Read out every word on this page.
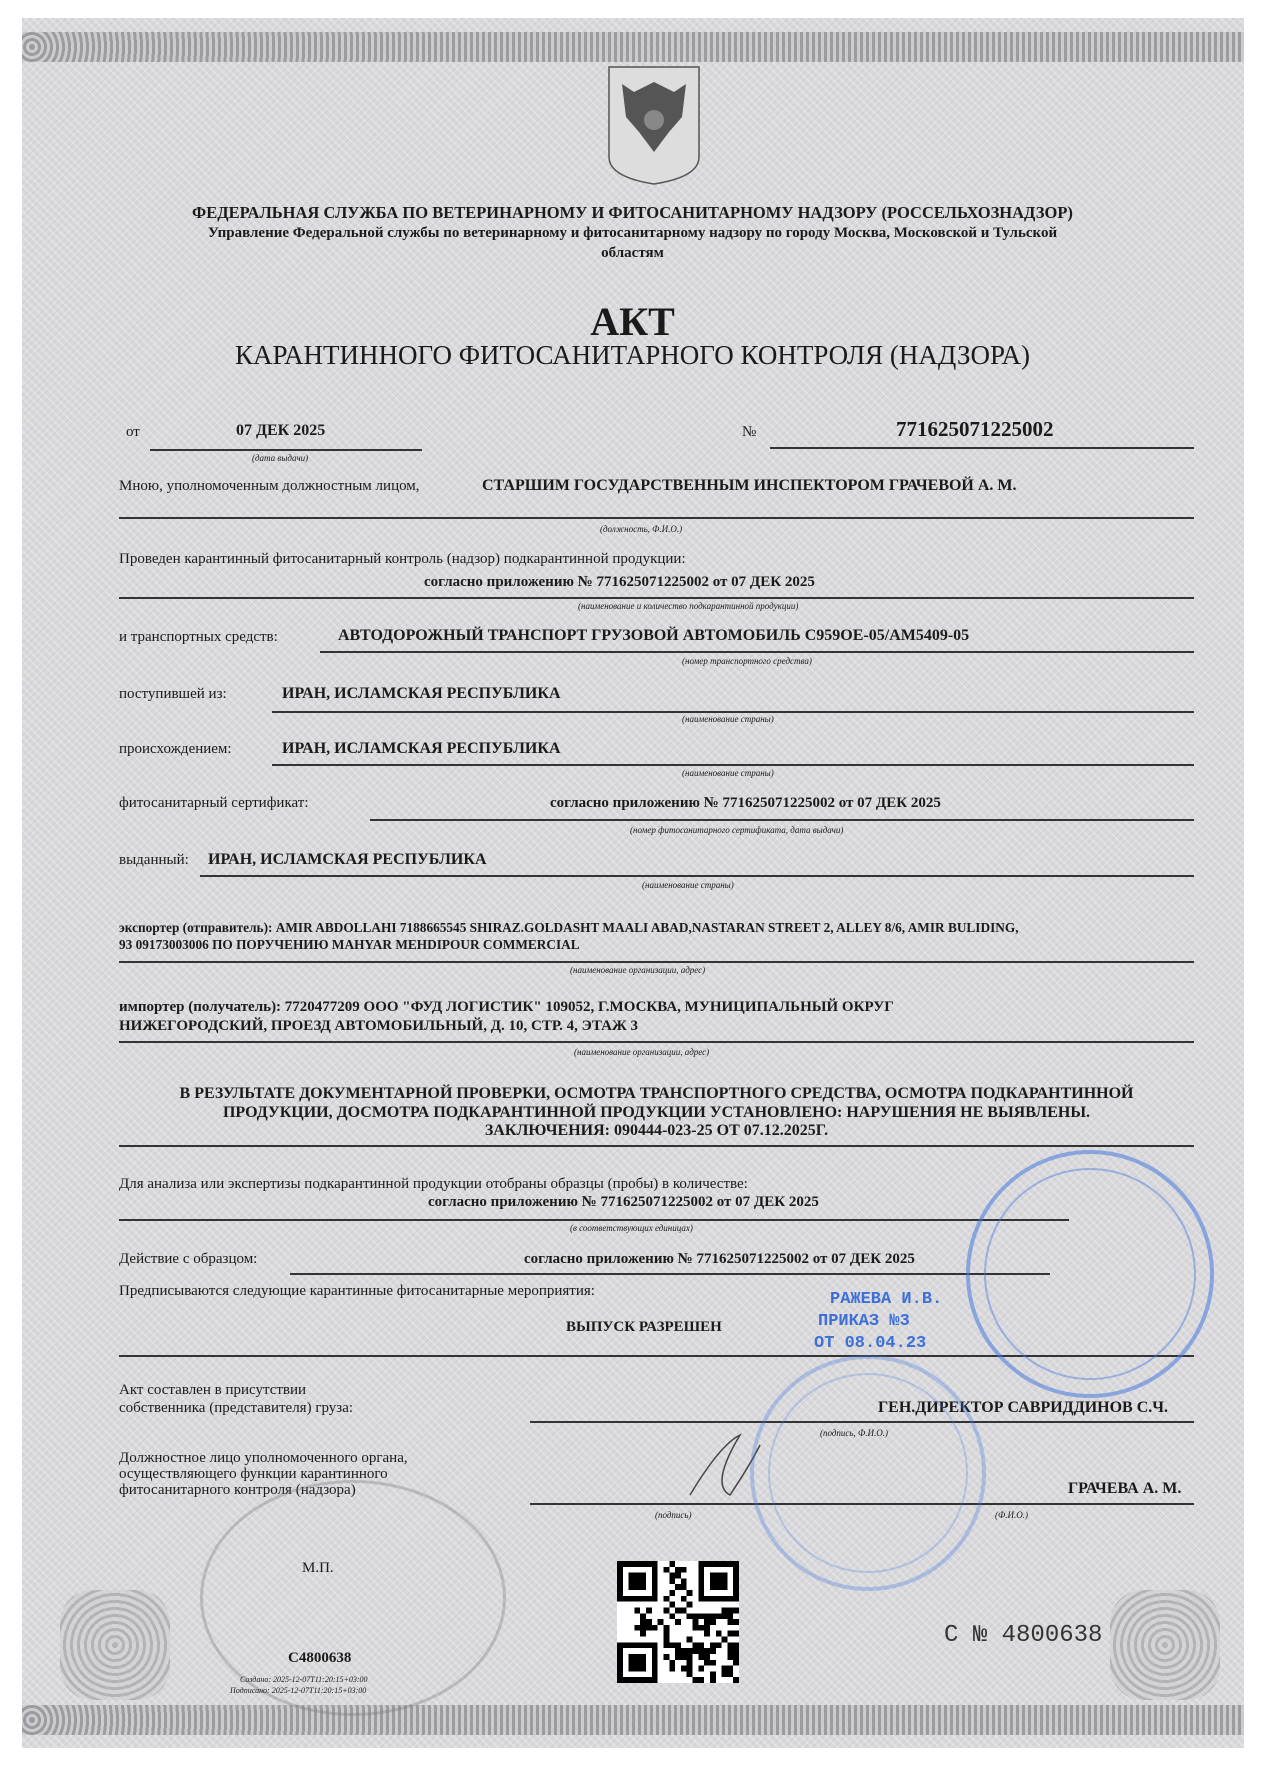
ФЕДЕРАЛЬНАЯ СЛУЖБА ПО ВЕТЕРИНАРНОМУ И ФИТОСАНИТАРНОМУ НАДЗОРУ (РОССЕЛЬХОЗНАДЗОР)
Управление Федеральной службы по ветеринарному и фитосанитарному надзору по городу Москва, Московской и Тульской
областям
АКТ
КАРАНТИННОГО ФИТОСАНИТАРНОГО КОНТРОЛЯ (НАДЗОРА)
от	07 ДЕК 2025
(дата выдачи)
№	771625071225002
Мною, уполномоченным должностным лицом,	СТАРШИМ ГОСУДАРСТВЕННЫМ ИНСПЕКТОРОМ ГРАЧЕВОЙ А. М.
(должность, Ф.И.О.)
Проведен карантинный фитосанитарный контроль (надзор) подкарантинной продукции:
согласно приложению № 771625071225002 от 07 ДЕК 2025
(наименование и количество подкарантинной продукции)
и транспортных средств:	АВТОДОРОЖНЫЙ ТРАНСПОРТ ГРУЗОВОЙ АВТОМОБИЛЬ С959ОЕ-05/АМ5409-05
(номер транспортного средства)
поступившей из:	ИРАН, ИСЛАМСКАЯ РЕСПУБЛИКА
(наименование страны)
происхождением:	ИРАН, ИСЛАМСКАЯ РЕСПУБЛИКА
(наименование страны)
фитосанитарный сертификат:	согласно приложению № 771625071225002 от 07 ДЕК 2025
(номер фитосанитарного сертификата, дата выдачи)
выданный: ИРАН, ИСЛАМСКАЯ РЕСПУБЛИКА
(наименование страны)
экспортер (отправитель): AMIR ABDOLLAHI 7188665545 SHIRAZ.GOLDASHT MAALI ABAD,NASTARAN STREET 2, ALLEY 8/6, AMIR BULIDING,
93 09173003006 ПО ПОРУЧЕНИЮ MAHYAR MEHDIPOUR COMMERCIAL
(наименование организации, адрес)
импортер (получатель): 7720477209 ООО "ФУД ЛОГИСТИК" 109052, Г.МОСКВА, МУНИЦИПАЛЬНЫЙ ОКРУГ
НИЖЕГОРОДСКИЙ, ПРОЕЗД АВТОМОБИЛЬНЫЙ, Д. 10, СТР. 4, ЭТАЖ 3
(наименование организации, адрес)
В РЕЗУЛЬТАТЕ ДОКУМЕНТАРНОЙ ПРОВЕРКИ, ОСМОТРА ТРАНСПОРТНОГО СРЕДСТВА, ОСМОТРА ПОДКАРАНТИННОЙ
ПРОДУКЦИИ, ДОСМОТРА ПОДКАРАНТИННОЙ ПРОДУКЦИИ УСТАНОВЛЕНО: НАРУШЕНИЯ НЕ ВЫЯВЛЕНЫ.
ЗАКЛЮЧЕНИЯ: 090444-023-25 ОТ 07.12.2025Г.
Для анализа или экспертизы подкарантинной продукции отобраны образцы (пробы) в количестве:
согласно приложению № 771625071225002 от 07 ДЕК 2025
(в соответствующих единицах)
Действие с образцом:	согласно приложению № 771625071225002 от 07 ДЕК 2025
Предписываются следующие карантинные фитосанитарные мероприятия:
ВЫПУСК РАЗРЕШЕН
РАЖЕВА И.В.
ПРИКАЗ №3
ОТ 08.04.23
Акт составлен в присутствии
собственника (представителя) груза:	ГЕН.ДИРЕКТОР САВРИДДИНОВ С.Ч.
(подпись, Ф.И.О.)
Должностное лицо уполномоченного органа,
осуществляющего функции карантинного
фитосанитарного контроля (надзора)	ГРАЧЕВА А. М.
(подпись)	(Ф.И.О.)
М.П.
C4800638
Создано: 2025-12-07T11:20:15+03:00
Подписано: 2025-12-07T11:20:15+03:00
С № 4800638
